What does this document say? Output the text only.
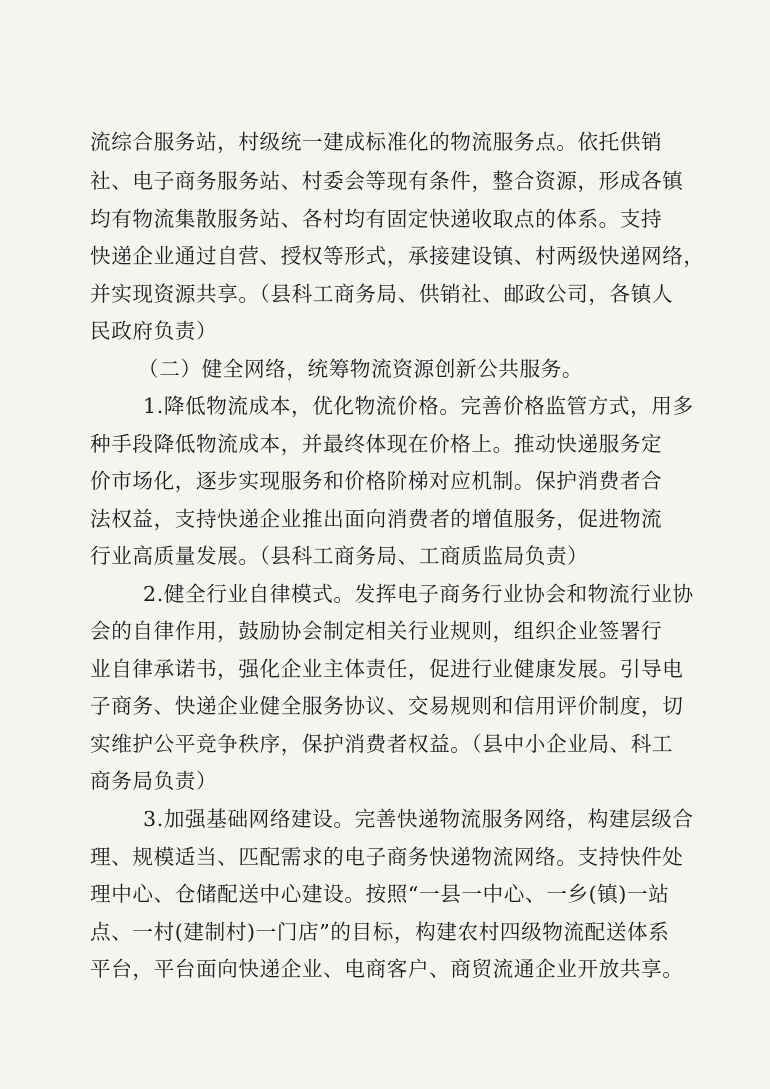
流综合服务站，村级统一建成标准化的物流服务点。依托供销
社、电子商务服务站、村委会等现有条件，整合资源，形成各镇
均有物流集散服务站、各村均有固定快递收取点的体系。支持
快递企业通过自营、授权等形式，承接建设镇、村两级快递网络，
并实现资源共享。（县科工商务局、供销社、邮政公司，各镇人
民政府负责）
（二）健全网络，统筹物流资源创新公共服务。
1.降低物流成本，优化物流价格。完善价格监管方式，用多
种手段降低物流成本，并最终体现在价格上。推动快递服务定
价市场化，逐步实现服务和价格阶梯对应机制。保护消费者合
法权益，支持快递企业推出面向消费者的增值服务，促进物流
行业高质量发展。（县科工商务局、工商质监局负责）
2.健全行业自律模式。发挥电子商务行业协会和物流行业协
会的自律作用，鼓励协会制定相关行业规则，组织企业签署行
业自律承诺书，强化企业主体责任，促进行业健康发展。引导电
子商务、快递企业健全服务协议、交易规则和信用评价制度，切
实维护公平竞争秩序，保护消费者权益。（县中小企业局、科工
商务局负责）
3.加强基础网络建设。完善快递物流服务网络，构建层级合
理、规模适当、匹配需求的电子商务快递物流网络。支持快件处
理中心、仓储配送中心建设。按照“一县一中心、一乡(镇)一站
点、一村(建制村)一门店”的目标，构建农村四级物流配送体系
平台，平台面向快递企业、电商客户、商贸流通企业开放共享。
